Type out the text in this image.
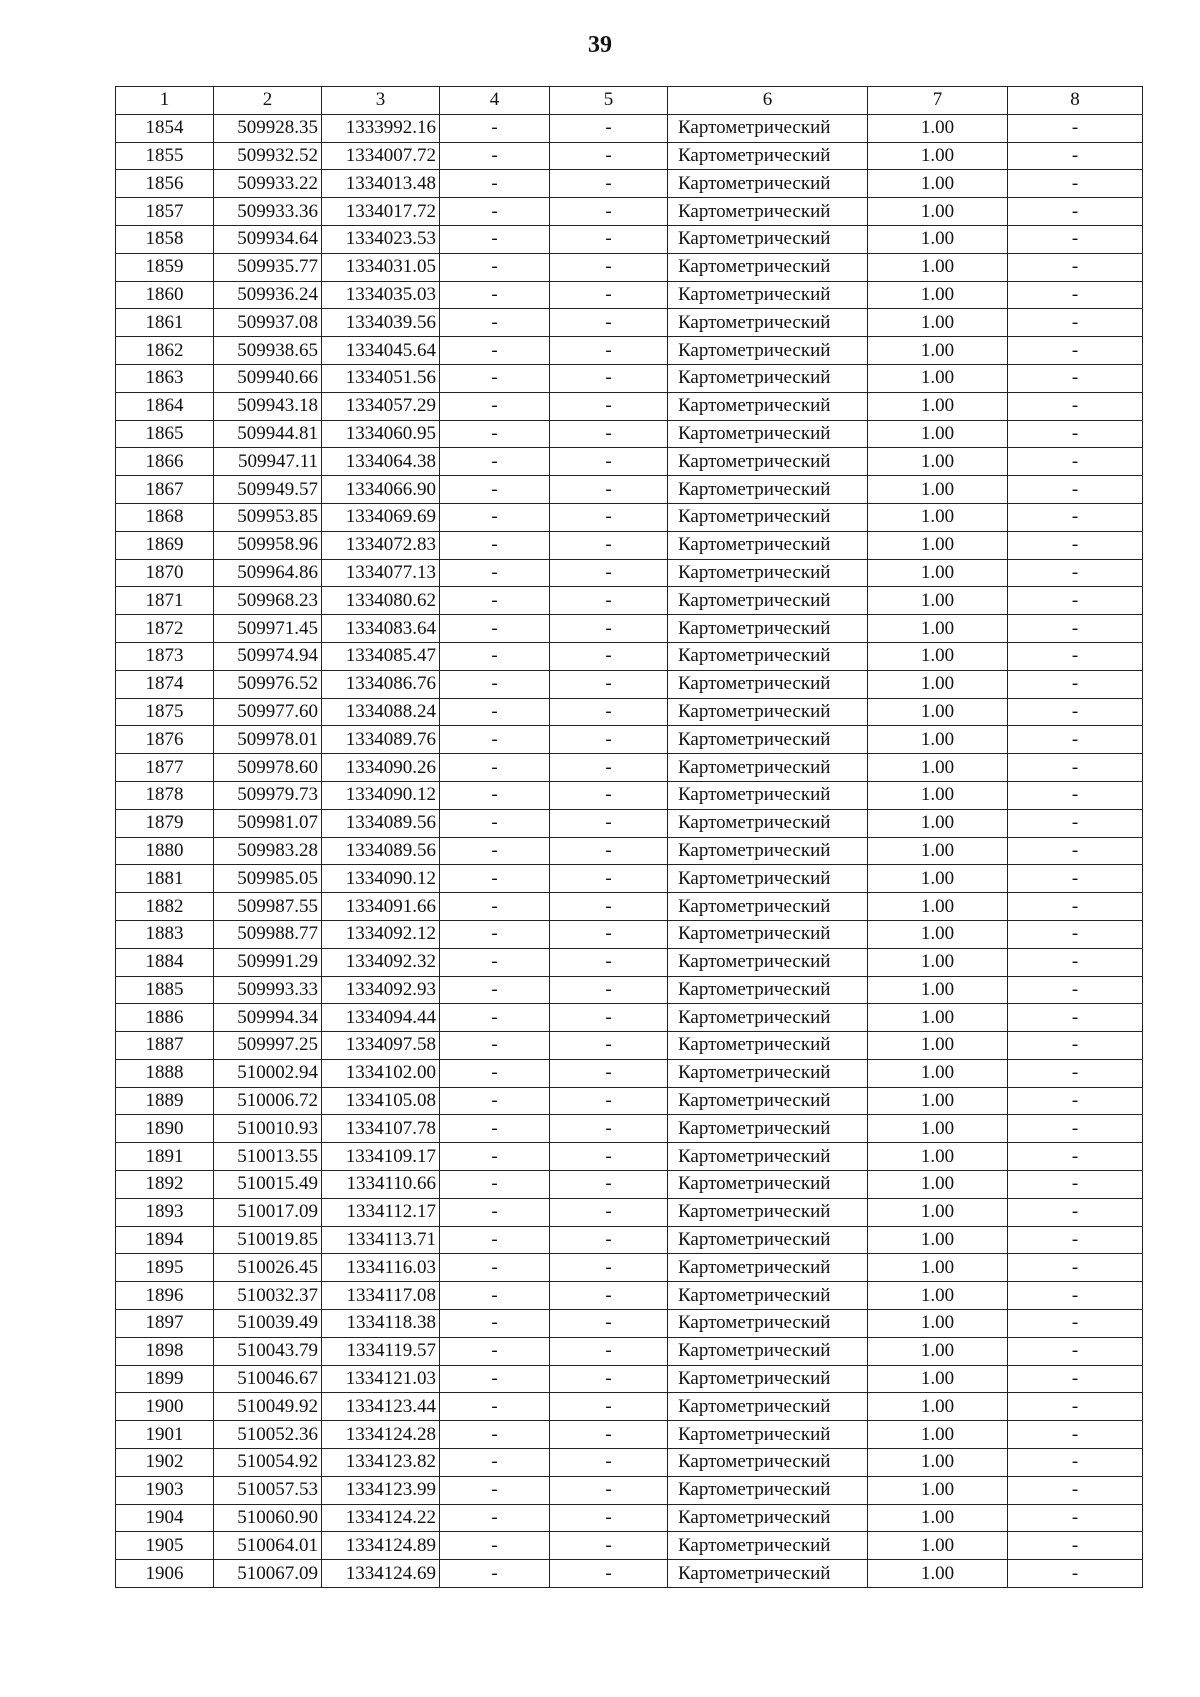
39
1	2	3	4	5	6	7	8
1854	509928.35	1333992.16	-	-	Картометрический	1.00	-
1855	509932.52	1334007.72	-	-	Картометрический	1.00	-
1856	509933.22	1334013.48	-	-	Картометрический	1.00	-
1857	509933.36	1334017.72	-	-	Картометрический	1.00	-
1858	509934.64	1334023.53	-	-	Картометрический	1.00	-
1859	509935.77	1334031.05	-	-	Картометрический	1.00	-
1860	509936.24	1334035.03	-	-	Картометрический	1.00	-
1861	509937.08	1334039.56	-	-	Картометрический	1.00	-
1862	509938.65	1334045.64	-	-	Картометрический	1.00	-
1863	509940.66	1334051.56	-	-	Картометрический	1.00	-
1864	509943.18	1334057.29	-	-	Картометрический	1.00	-
1865	509944.81	1334060.95	-	-	Картометрический	1.00	-
1866	509947.11	1334064.38	-	-	Картометрический	1.00	-
1867	509949.57	1334066.90	-	-	Картометрический	1.00	-
1868	509953.85	1334069.69	-	-	Картометрический	1.00	-
1869	509958.96	1334072.83	-	-	Картометрический	1.00	-
1870	509964.86	1334077.13	-	-	Картометрический	1.00	-
1871	509968.23	1334080.62	-	-	Картометрический	1.00	-
1872	509971.45	1334083.64	-	-	Картометрический	1.00	-
1873	509974.94	1334085.47	-	-	Картометрический	1.00	-
1874	509976.52	1334086.76	-	-	Картометрический	1.00	-
1875	509977.60	1334088.24	-	-	Картометрический	1.00	-
1876	509978.01	1334089.76	-	-	Картометрический	1.00	-
1877	509978.60	1334090.26	-	-	Картометрический	1.00	-
1878	509979.73	1334090.12	-	-	Картометрический	1.00	-
1879	509981.07	1334089.56	-	-	Картометрический	1.00	-
1880	509983.28	1334089.56	-	-	Картометрический	1.00	-
1881	509985.05	1334090.12	-	-	Картометрический	1.00	-
1882	509987.55	1334091.66	-	-	Картометрический	1.00	-
1883	509988.77	1334092.12	-	-	Картометрический	1.00	-
1884	509991.29	1334092.32	-	-	Картометрический	1.00	-
1885	509993.33	1334092.93	-	-	Картометрический	1.00	-
1886	509994.34	1334094.44	-	-	Картометрический	1.00	-
1887	509997.25	1334097.58	-	-	Картометрический	1.00	-
1888	510002.94	1334102.00	-	-	Картометрический	1.00	-
1889	510006.72	1334105.08	-	-	Картометрический	1.00	-
1890	510010.93	1334107.78	-	-	Картометрический	1.00	-
1891	510013.55	1334109.17	-	-	Картометрический	1.00	-
1892	510015.49	1334110.66	-	-	Картометрический	1.00	-
1893	510017.09	1334112.17	-	-	Картометрический	1.00	-
1894	510019.85	1334113.71	-	-	Картометрический	1.00	-
1895	510026.45	1334116.03	-	-	Картометрический	1.00	-
1896	510032.37	1334117.08	-	-	Картометрический	1.00	-
1897	510039.49	1334118.38	-	-	Картометрический	1.00	-
1898	510043.79	1334119.57	-	-	Картометрический	1.00	-
1899	510046.67	1334121.03	-	-	Картометрический	1.00	-
1900	510049.92	1334123.44	-	-	Картометрический	1.00	-
1901	510052.36	1334124.28	-	-	Картометрический	1.00	-
1902	510054.92	1334123.82	-	-	Картометрический	1.00	-
1903	510057.53	1334123.99	-	-	Картометрический	1.00	-
1904	510060.90	1334124.22	-	-	Картометрический	1.00	-
1905	510064.01	1334124.89	-	-	Картометрический	1.00	-
1906	510067.09	1334124.69	-	-	Картометрический	1.00	-
